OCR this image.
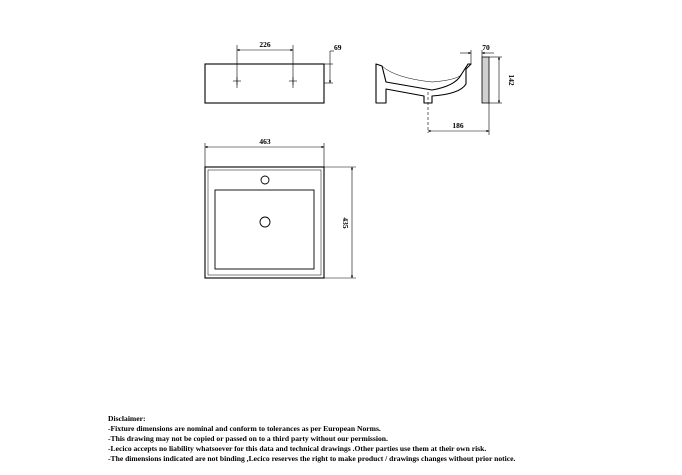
226	69	70
142
186
463
435
Disclaimer:
-Fixture dimensions are nominal and conform to tolerances as per European Norms.
-This drawing may not be copied or passed on to a third party without our permission.
-Lecico accepts no liability whatsoever for this data and technical drawings .Other parties use them at their own risk.
-The dimensions indicated are not binding ,Lecico reserves the right to make product / drawings changes without prior notice.
